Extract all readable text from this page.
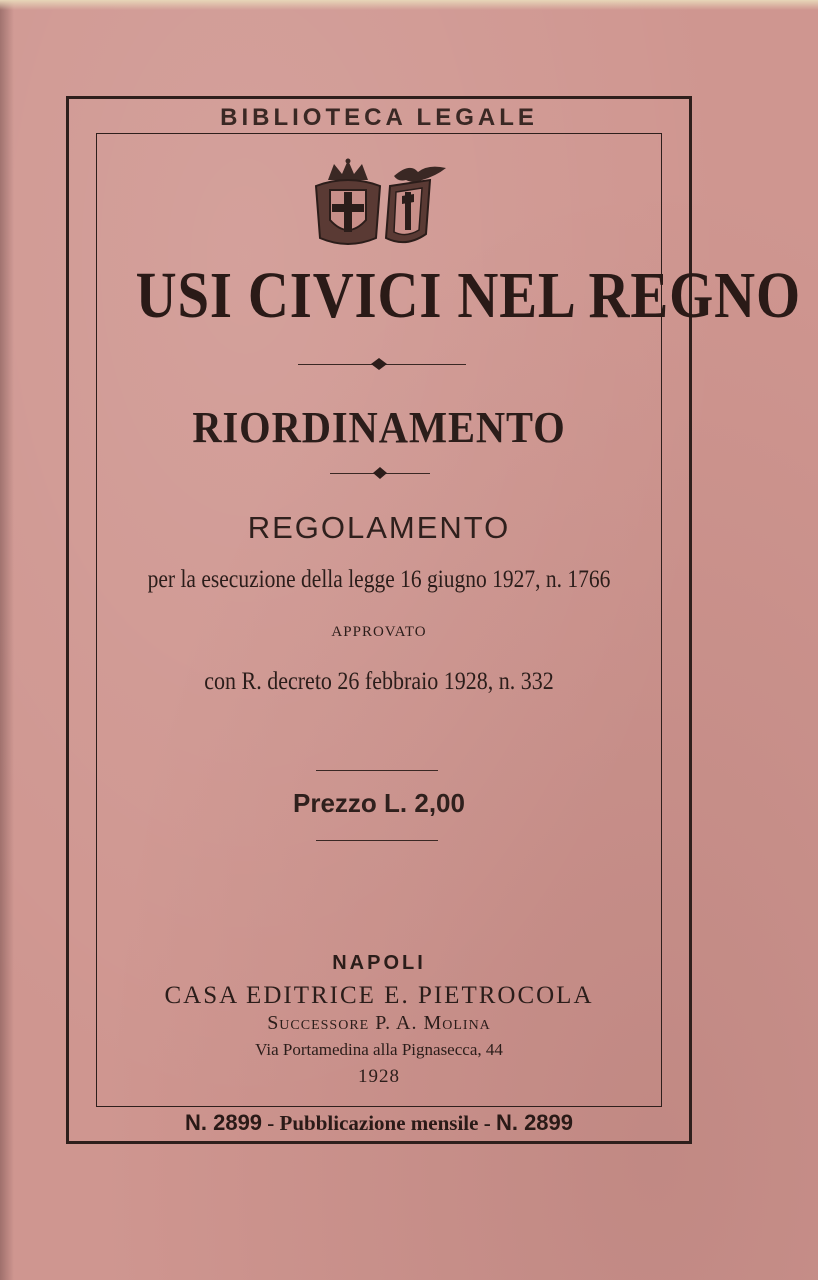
BIBLIOTECA LEGALE
USI CIVICI NEL REGNO
RIORDINAMENTO
REGOLAMENTO
per la esecuzione della legge 16 giugno 1927, n. 1766
APPROVATO
con R. decreto 26 febbraio 1928, n. 332
Prezzo L. 2,00
NAPOLI
CASA EDITRICE E. PIETROCOLA
Successore P. A. Molina
Via Portamedina alla Pignasecca, 44
1928
N. 2899 - Pubblicazione mensile - N. 2899
